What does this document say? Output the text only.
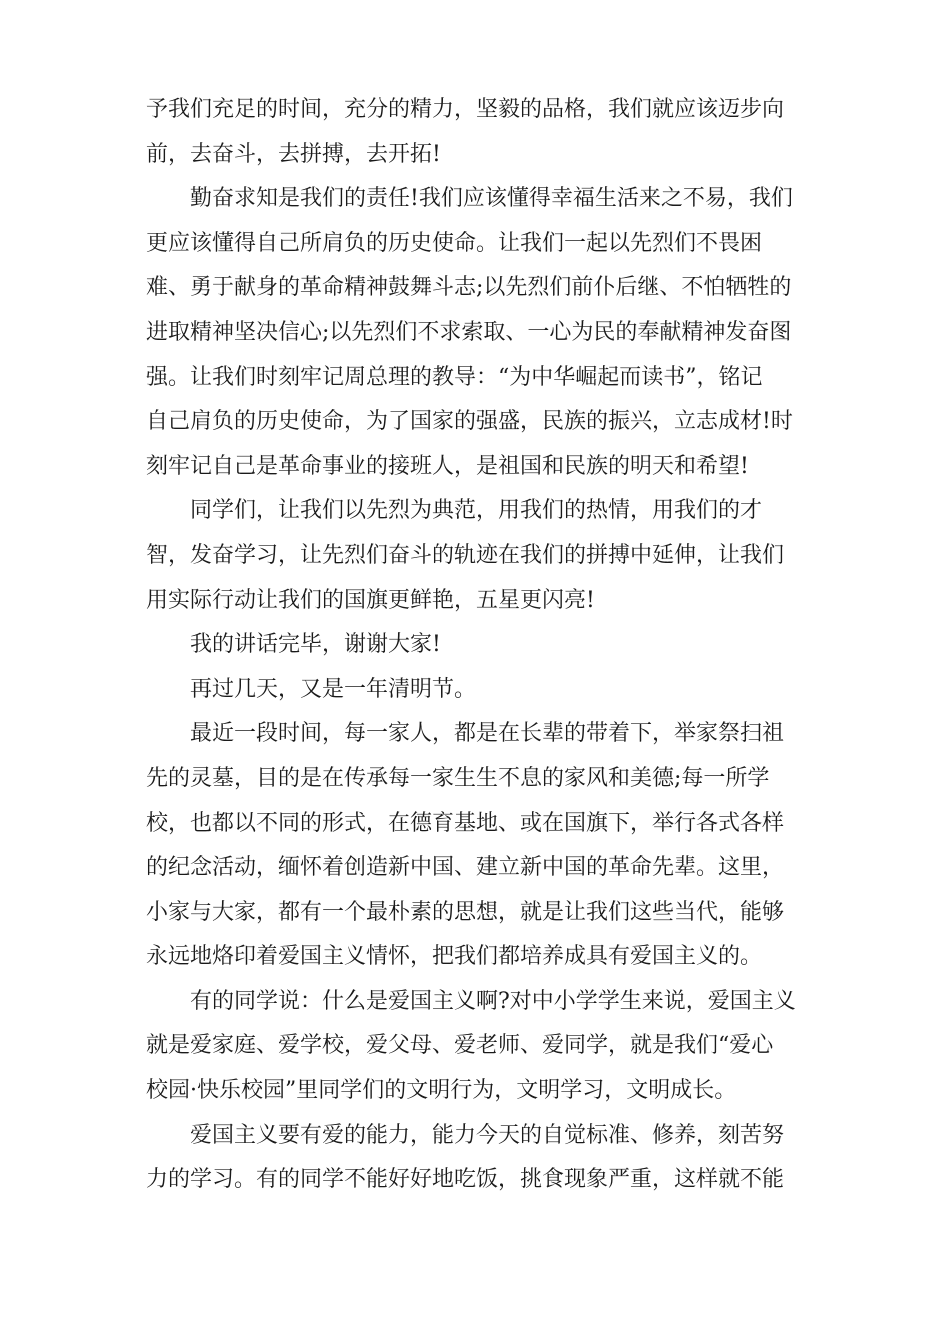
予我们充足的时间，充分的精力，坚毅的品格，我们就应该迈步向
前，去奋斗，去拼搏，去开拓!
勤奋求知是我们的责任!我们应该懂得幸福生活来之不易，我们
更应该懂得自己所肩负的历史使命。让我们一起以先烈们不畏困
难、勇于献身的革命精神鼓舞斗志;以先烈们前仆后继、不怕牺牲的
进取精神坚决信心;以先烈们不求索取、一心为民的奉献精神发奋图
强。让我们时刻牢记周总理的教导：“为中华崛起而读书”，铭记
自己肩负的历史使命，为了国家的强盛，民族的振兴，立志成材!时
刻牢记自己是革命事业的接班人，是祖国和民族的明天和希望!
同学们，让我们以先烈为典范，用我们的热情，用我们的才
智，发奋学习，让先烈们奋斗的轨迹在我们的拼搏中延伸，让我们
用实际行动让我们的国旗更鲜艳，五星更闪亮!
我的讲话完毕，谢谢大家!
再过几天，又是一年清明节。
最近一段时间，每一家人，都是在长辈的带着下，举家祭扫祖
先的灵墓，目的是在传承每一家生生不息的家风和美德;每一所学
校，也都以不同的形式，在德育基地、或在国旗下，举行各式各样
的纪念活动，缅怀着创造新中国、建立新中国的革命先辈。这里，
小家与大家，都有一个最朴素的思想，就是让我们这些当代，能够
永远地烙印着爱国主义情怀，把我们都培养成具有爱国主义的。
有的同学说：什么是爱国主义啊?对中小学学生来说，爱国主义
就是爱家庭、爱学校，爱父母、爱老师、爱同学，就是我们“爱心
校园·快乐校园”里同学们的文明行为，文明学习，文明成长。
爱国主义要有爱的能力，能力今天的自觉标准、修养，刻苦努
力的学习。有的同学不能好好地吃饭，挑食现象严重，这样就不能
